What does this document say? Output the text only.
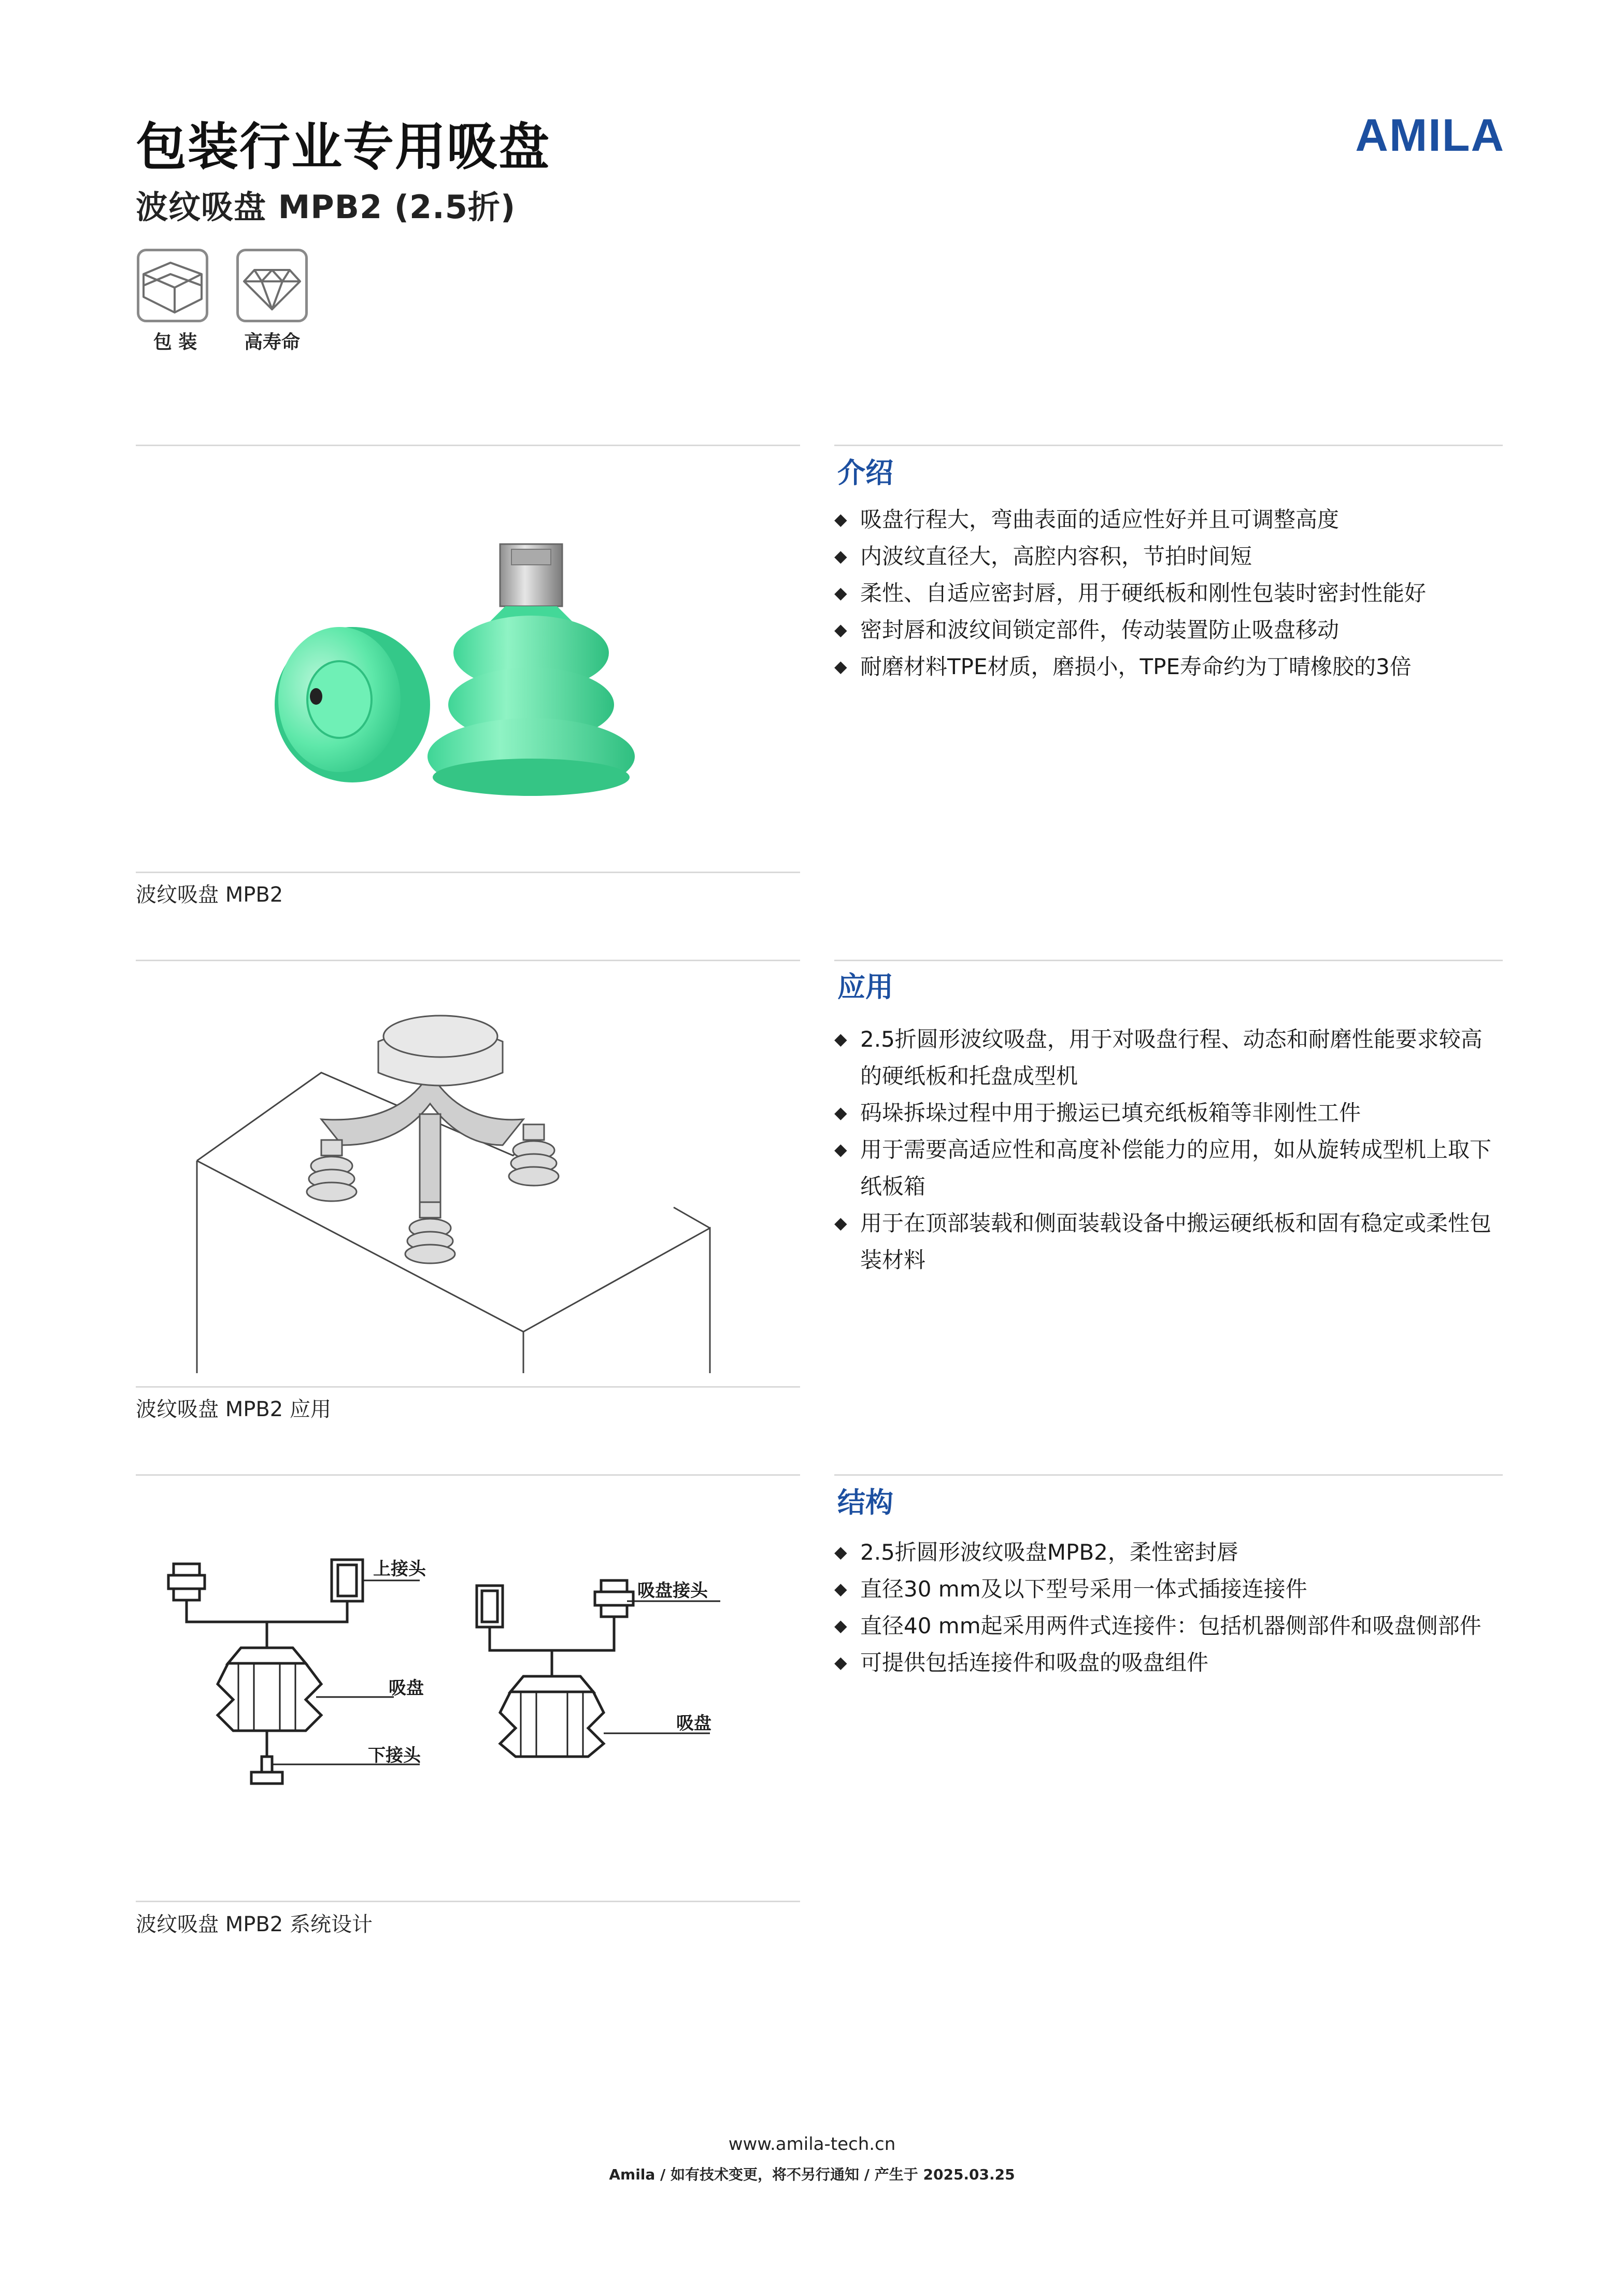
包装行业专用吸盘
波纹吸盘 MPB2 (2.5折)
AMILA
包 装	高寿命
介绍
◆ 吸盘行程大，弯曲表面的适应性好并且可调整高度
◆ 内波纹直径大，高腔内容积，节拍时间短
◆ 柔性、自适应密封唇，用于硬纸板和刚性包装时密封性能好
◆ 密封唇和波纹间锁定部件，传动装置防止吸盘移动
◆ 耐磨材料TPE材质，磨损小，TPE寿命约为丁晴橡胶的3倍
波纹吸盘 MPB2
应用
◆ 2.5折圆形波纹吸盘，用于对吸盘行程、动态和耐磨性能要求较高的硬纸板和托盘成型机
◆ 码垛拆垛过程中用于搬运已填充纸板箱等非刚性工件
◆ 用于需要高适应性和高度补偿能力的应用，如从旋转成型机上取下纸板箱
◆ 用于在顶部装载和侧面装载设备中搬运硬纸板和固有稳定或柔性包装材料
波纹吸盘 MPB2 应用
结构
上接头
吸盘
下接头
吸盘接头
吸盘
◆ 2.5折圆形波纹吸盘MPB2，柔性密封唇
◆ 直径30 mm及以下型号采用一体式插接连接件
◆ 直径40 mm起采用两件式连接件：包括机器侧部件和吸盘侧部件
◆ 可提供包括连接件和吸盘的吸盘组件
波纹吸盘 MPB2 系统设计
www.amila-tech.cn
Amila / 如有技术变更，将不另行通知 / 产生于 2025.03.25
